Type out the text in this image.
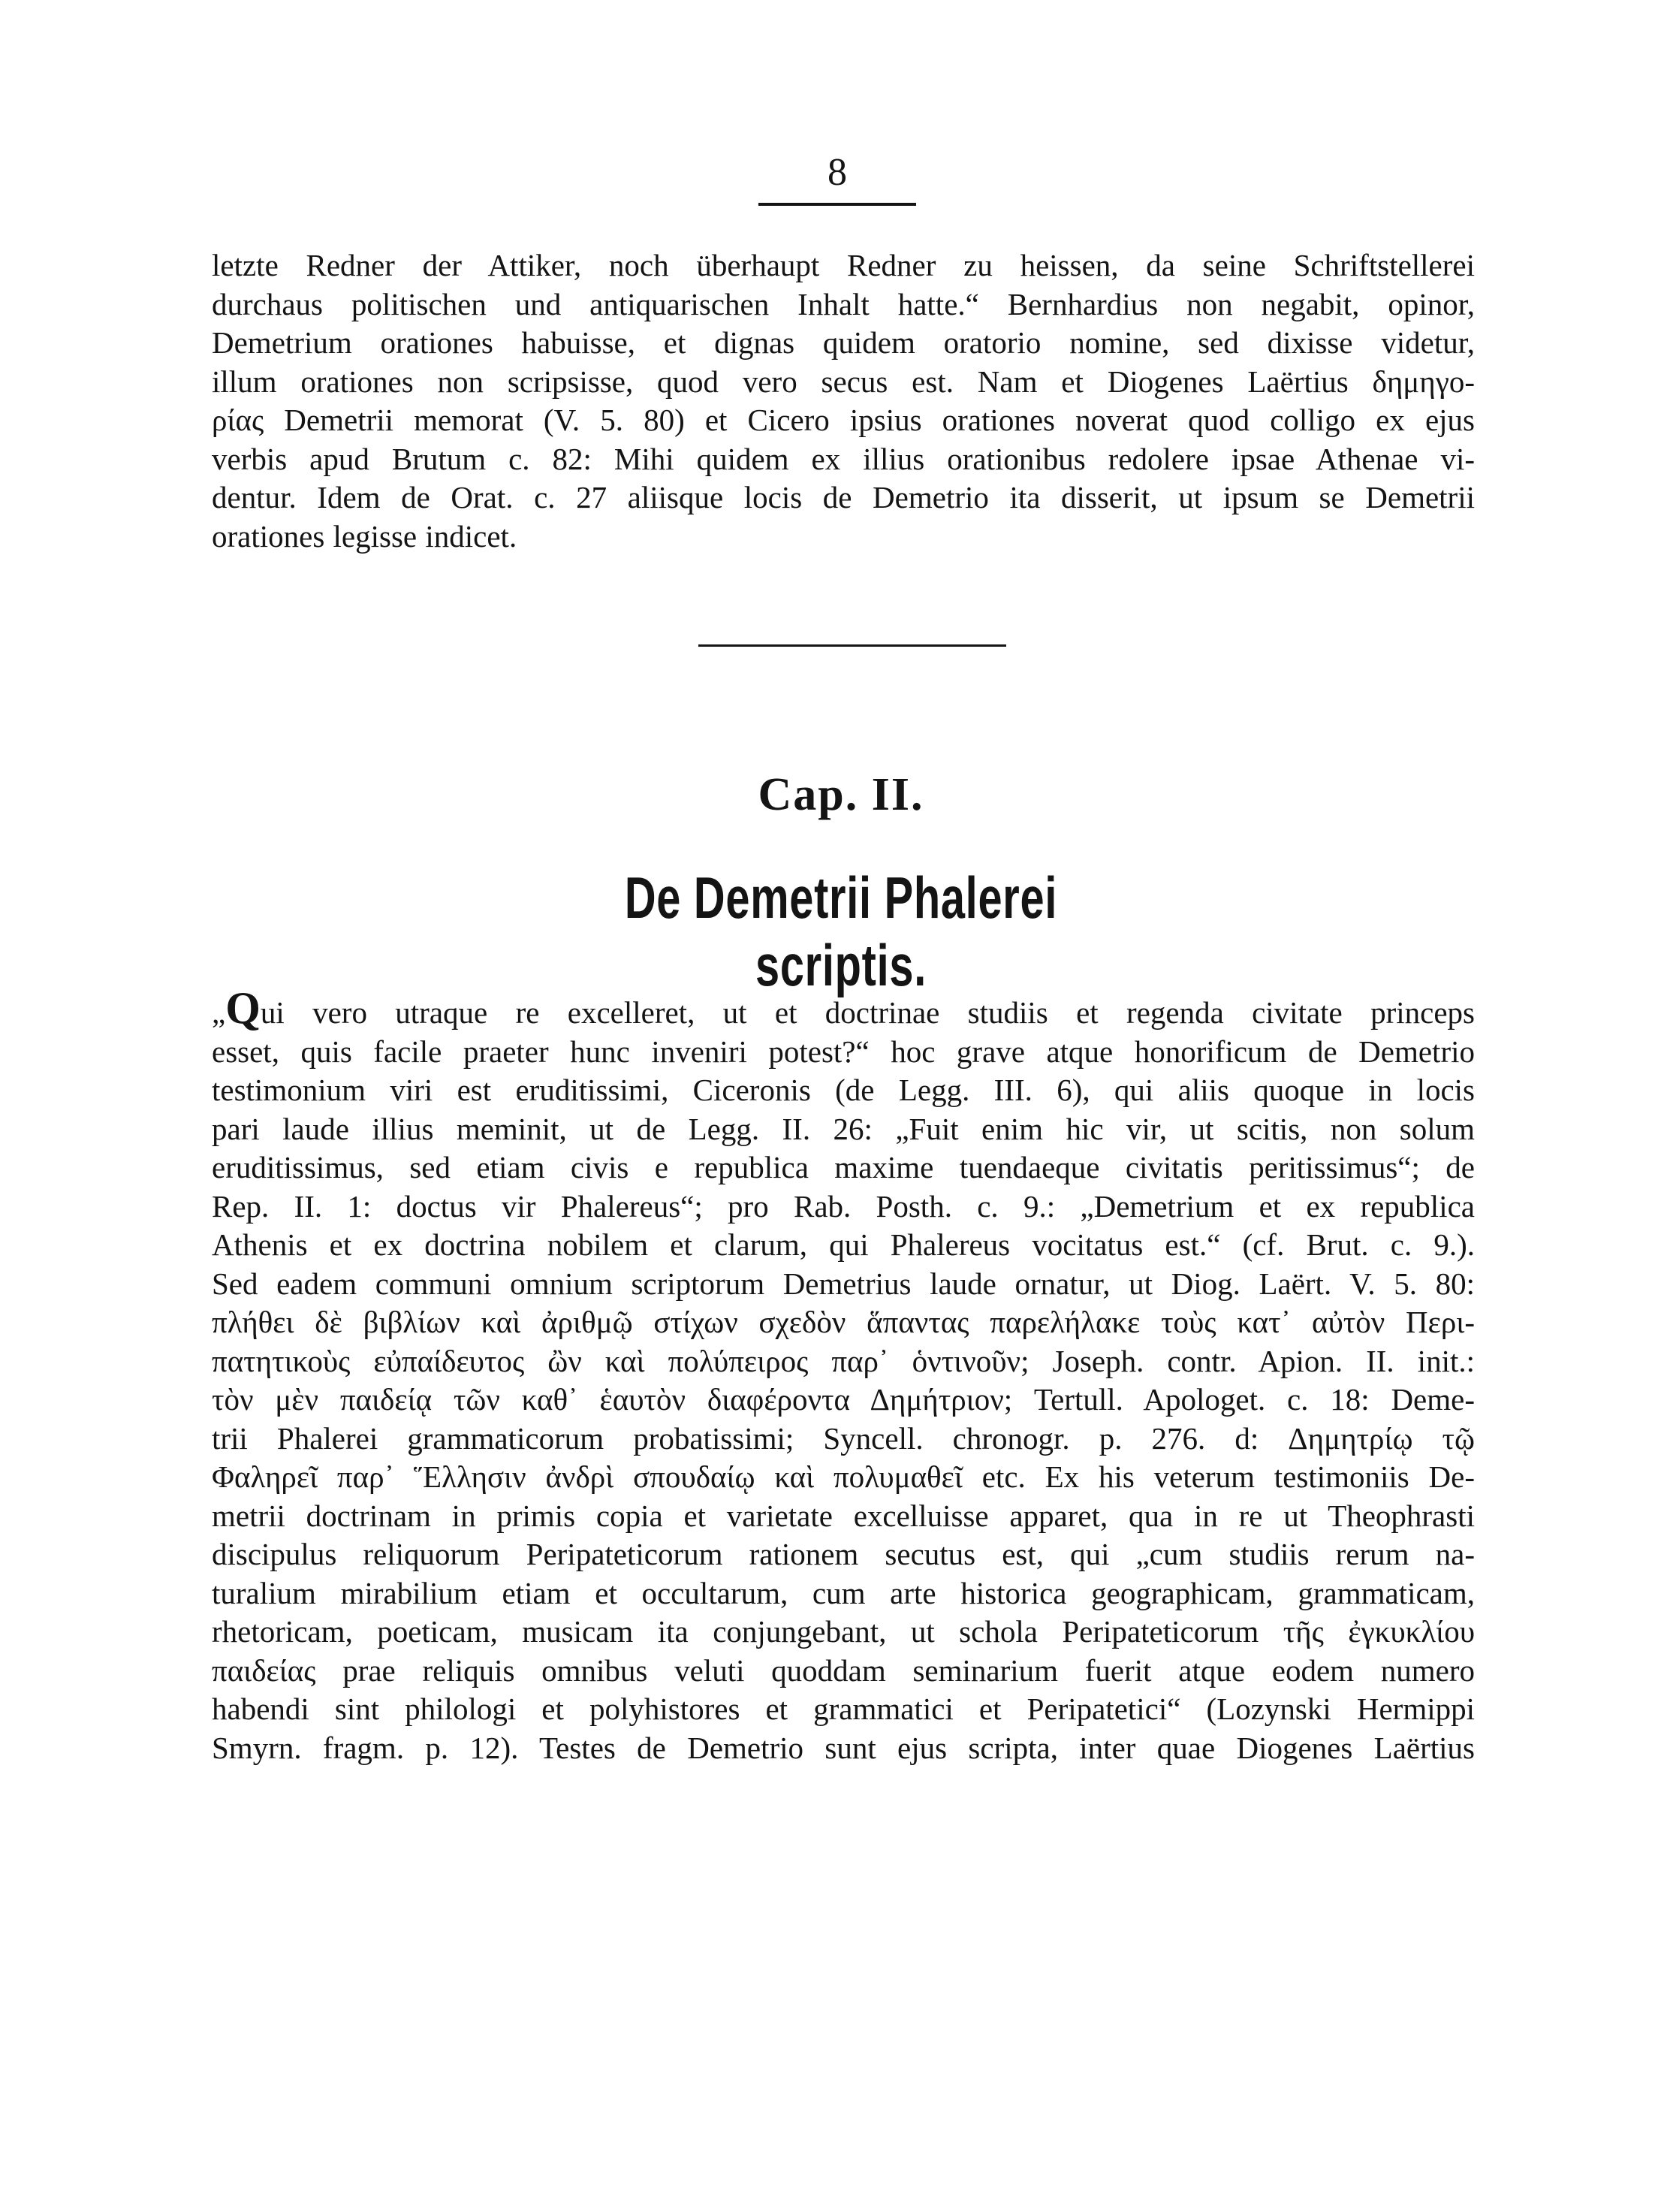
8

letzte Redner der Attiker, noch überhaupt Redner zu heissen, da seine Schriftstellerei
durchaus politischen und antiquarischen Inhalt hatte.“ Bernhardius non negabit, opinor,
Demetrium orationes habuisse, et dignas quidem oratorio nomine, sed dixisse videtur,
illum orationes non scripsisse, quod vero secus est. Nam et Diogenes Laërtius δημηγο-
ρίας Demetrii memorat (V. 5. 80) et Cicero ipsius orationes noverat quod colligo ex ejus
verbis apud Brutum c. 82: Mihi quidem ex illius orationibus redolere ipsae Athenae vi-
dentur. Idem de Orat. c. 27 aliisque locis de Demetrio ita disserit, ut ipsum se Demetrii
orationes legisse indicet.

Cap. II.
De Demetrii Phalerei scriptis.

„Qui vero utraque re excelleret, ut et doctrinae studiis et regenda civitate princeps
esset, quis facile praeter hunc inveniri potest?“ hoc grave atque honorificum de Demetrio
testimonium viri est eruditissimi, Ciceronis (de Legg. III. 6), qui aliis quoque in locis
pari laude illius meminit, ut de Legg. II. 26: „Fuit enim hic vir, ut scitis, non solum
eruditissimus, sed etiam civis e republica maxime tuendaeque civitatis peritissimus“; de
Rep. II. 1: doctus vir Phalereus“; pro Rab. Posth. c. 9.: „Demetrium et ex republica
Athenis et ex doctrina nobilem et clarum, qui Phalereus vocitatus est.“ (cf. Brut. c. 9.).
Sed eadem communi omnium scriptorum Demetrius laude ornatur, ut Diog. Laërt. V. 5. 80:
πλήθει δὲ βιβλίων καὶ ἀριθμῷ στίχων σχεδὸν ἅπαντας παρελήλακε τοὺς κατ᾽ αὐτὸν Περι-
πατητικοὺς εὐπαίδευτος ὢν καὶ πολύπειρος παρ᾽ ὁντινοῦν; Joseph. contr. Apion. II. init.:
τὸν μὲν παιδείᾳ τῶν καθ᾽ ἑαυτὸν διαφέροντα Δημήτριον; Tertull. Apologet. c. 18: Deme-
trii Phalerei grammaticorum probatissimi; Syncell. chronogr. p. 276. d: Δημητρίῳ τῷ
Φαληρεῖ παρ᾽ Ἕλλησιν ἀνδρὶ σπουδαίῳ καὶ πολυμαθεῖ etc. Ex his veterum testimoniis De-
metrii doctrinam in primis copia et varietate excelluisse apparet, qua in re ut Theophrasti
discipulus reliquorum Peripateticorum rationem secutus est, qui „cum studiis rerum na-
turalium mirabilium etiam et occultarum, cum arte historica geographicam, grammaticam,
rhetoricam, poeticam, musicam ita conjungebant, ut schola Peripateticorum τῆς ἐγκυκλίου
παιδείας prae reliquis omnibus veluti quoddam seminarium fuerit atque eodem numero
habendi sint philologi et polyhistores et grammatici et Peripatetici“ (Lozynski Hermippi
Smyrn. fragm. p. 12). Testes de Demetrio sunt ejus scripta, inter quae Diogenes Laërtius
